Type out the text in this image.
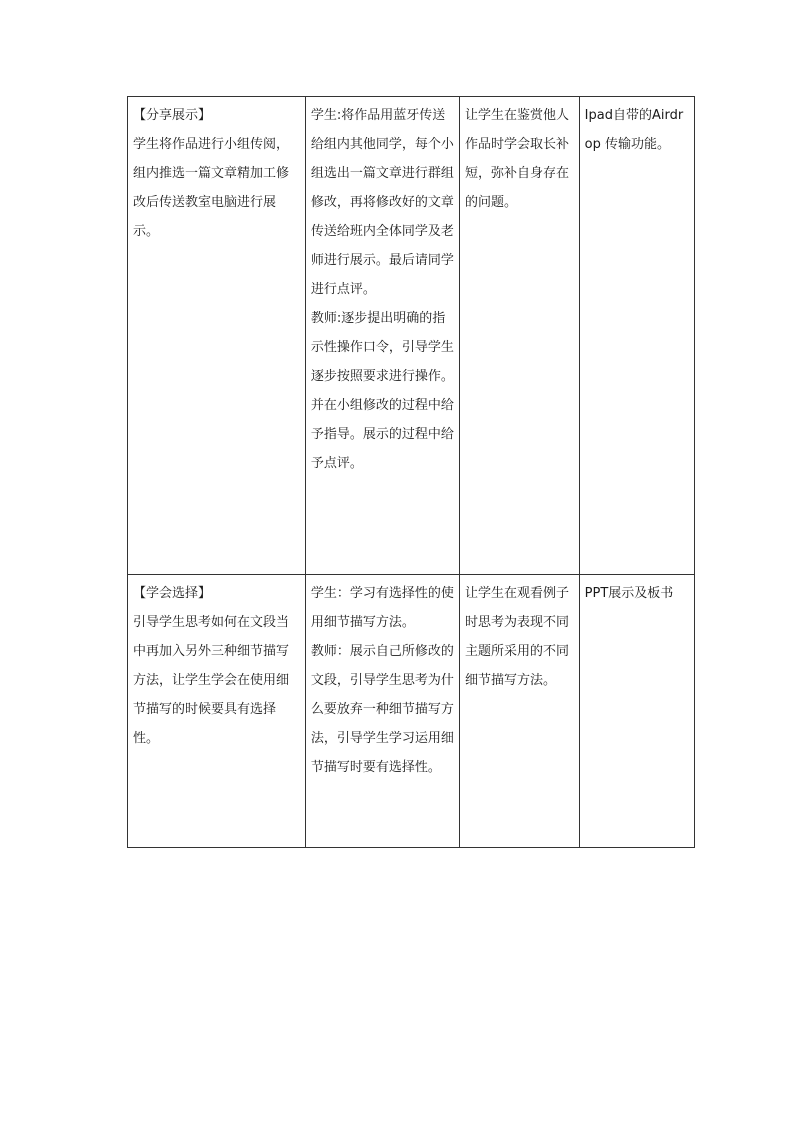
【分享展示】
学生将作品进行小组传阅，组内推选一篇文章精加工修改后传送教室电脑进行展示。	学生:将作品用蓝牙传送给组内其他同学，每个小组选出一篇文章进行群组修改，再将修改好的文章传送给班内全体同学及老师进行展示。最后请同学进行点评。
教师:逐步提出明确的指示性操作口令，引导学生逐步按照要求进行操作。并在小组修改的过程中给予指导。展示的过程中给予点评。	让学生在鉴赏他人作品时学会取长补短，弥补自身存在的问题。	Ipad自带的Airdrop 传输功能。

【学会选择】
引导学生思考如何在文段当中再加入另外三种细节描写方法，让学生学会在使用细节描写的时候要具有选择性。	学生：学习有选择性的使用细节描写方法。
教师：展示自己所修改的文段，引导学生思考为什么要放弃一种细节描写方法，引导学生学习运用细节描写时要有选择性。	让学生在观看例子时思考为表现不同主题所采用的不同细节描写方法。	PPT展示及板书
